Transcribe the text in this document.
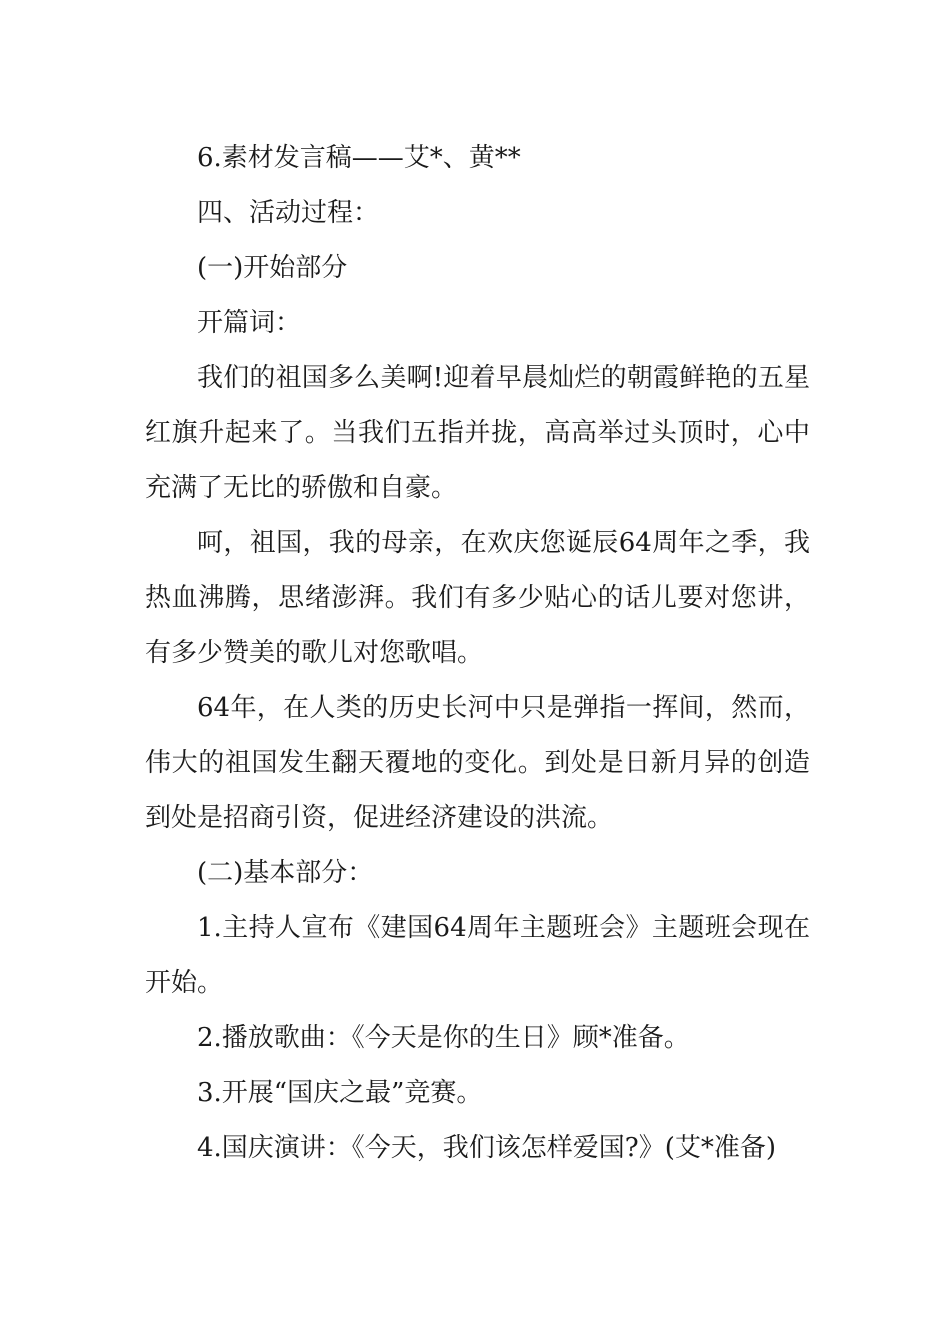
6.素材发言稿——艾*、黄**

四、活动过程：

(一)开始部分

开篇词：

我们的祖国多么美啊!迎着早晨灿烂的朝霞鲜艳的五星红旗升起来了。当我们五指并拢，高高举过头顶时，心中充满了无比的骄傲和自豪。

呵，祖国，我的母亲，在欢庆您诞辰64周年之季，我热血沸腾，思绪澎湃。我们有多少贴心的话儿要对您讲，有多少赞美的歌儿对您歌唱。

64年，在人类的历史长河中只是弹指一挥间，然而，伟大的祖国发生翻天覆地的变化。到处是日新月异的创造到处是招商引资，促进经济建设的洪流。

(二)基本部分：

1.主持人宣布《建国64周年主题班会》主题班会现在开始。

2.播放歌曲：《今天是你的生日》顾*准备。

3.开展“国庆之最”竞赛。

4.国庆演讲：《今天，我们该怎样爱国?》(艾*准备)
